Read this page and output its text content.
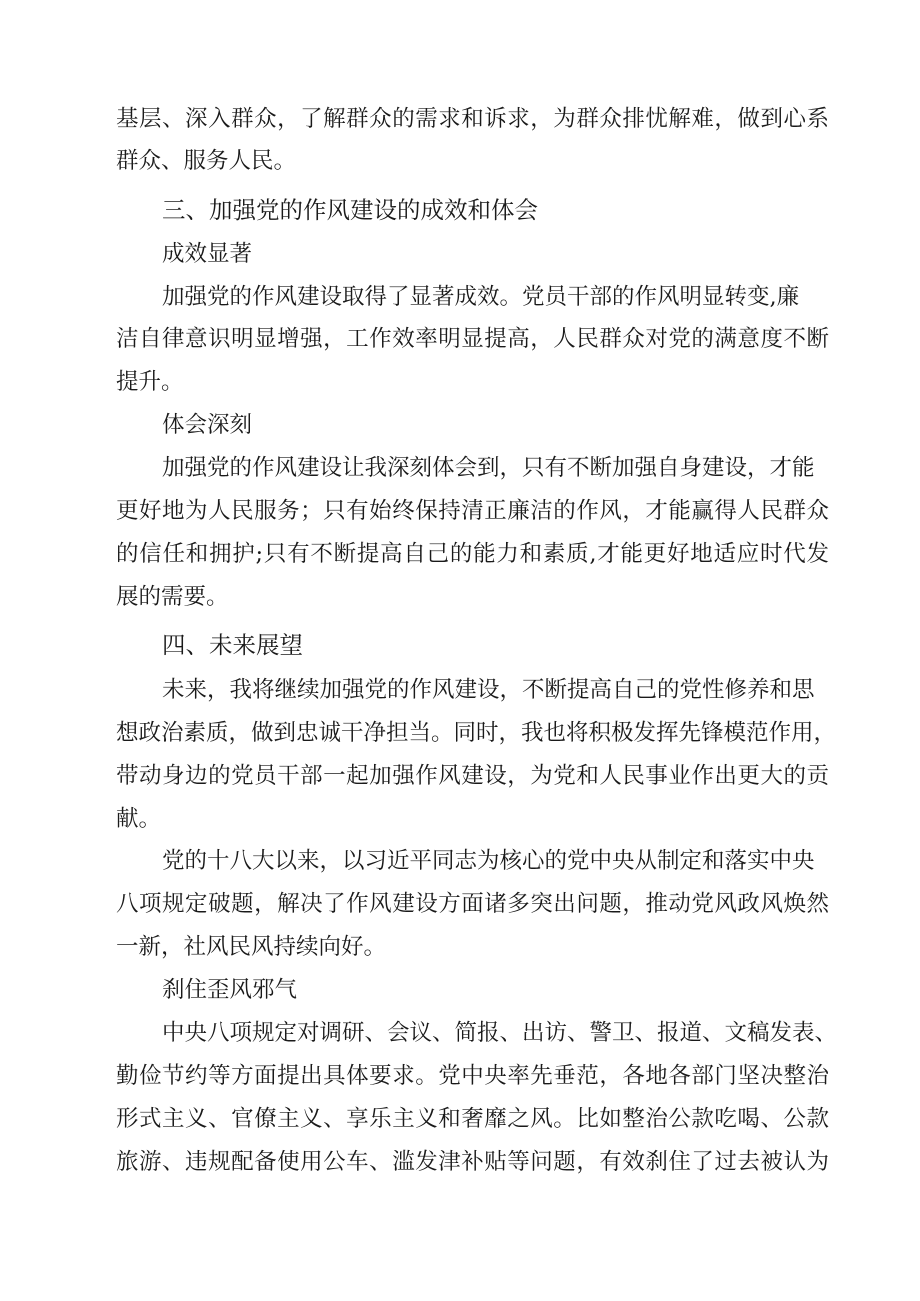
基层、深入群众，了解群众的需求和诉求，为群众排忧解难，做到心系
群众、服务人民。
三、加强党的作风建设的成效和体会
成效显著
加强党的作风建设取得了显著成效。党员干部的作风明显转变,廉
洁自律意识明显增强，工作效率明显提高，人民群众对党的满意度不断
提升。
体会深刻
加强党的作风建设让我深刻体会到，只有不断加强自身建设，才能
更好地为人民服务；只有始终保持清正廉洁的作风，才能赢得人民群众
的信任和拥护;只有不断提高自己的能力和素质,才能更好地适应时代发
展的需要。
四、未来展望
未来，我将继续加强党的作风建设，不断提高自己的党性修养和思
想政治素质，做到忠诚干净担当。同时，我也将积极发挥先锋模范作用，
带动身边的党员干部一起加强作风建设，为党和人民事业作出更大的贡
献。
党的十八大以来，以习近平同志为核心的党中央从制定和落实中央
八项规定破题，解决了作风建设方面诸多突出问题，推动党风政风焕然
一新，社风民风持续向好。
刹住歪风邪气
中央八项规定对调研、会议、简报、出访、警卫、报道、文稿发表、
勤俭节约等方面提出具体要求。党中央率先垂范，各地各部门坚决整治
形式主义、官僚主义、享乐主义和奢靡之风。比如整治公款吃喝、公款
旅游、违规配备使用公车、滥发津补贴等问题，有效刹住了过去被认为
